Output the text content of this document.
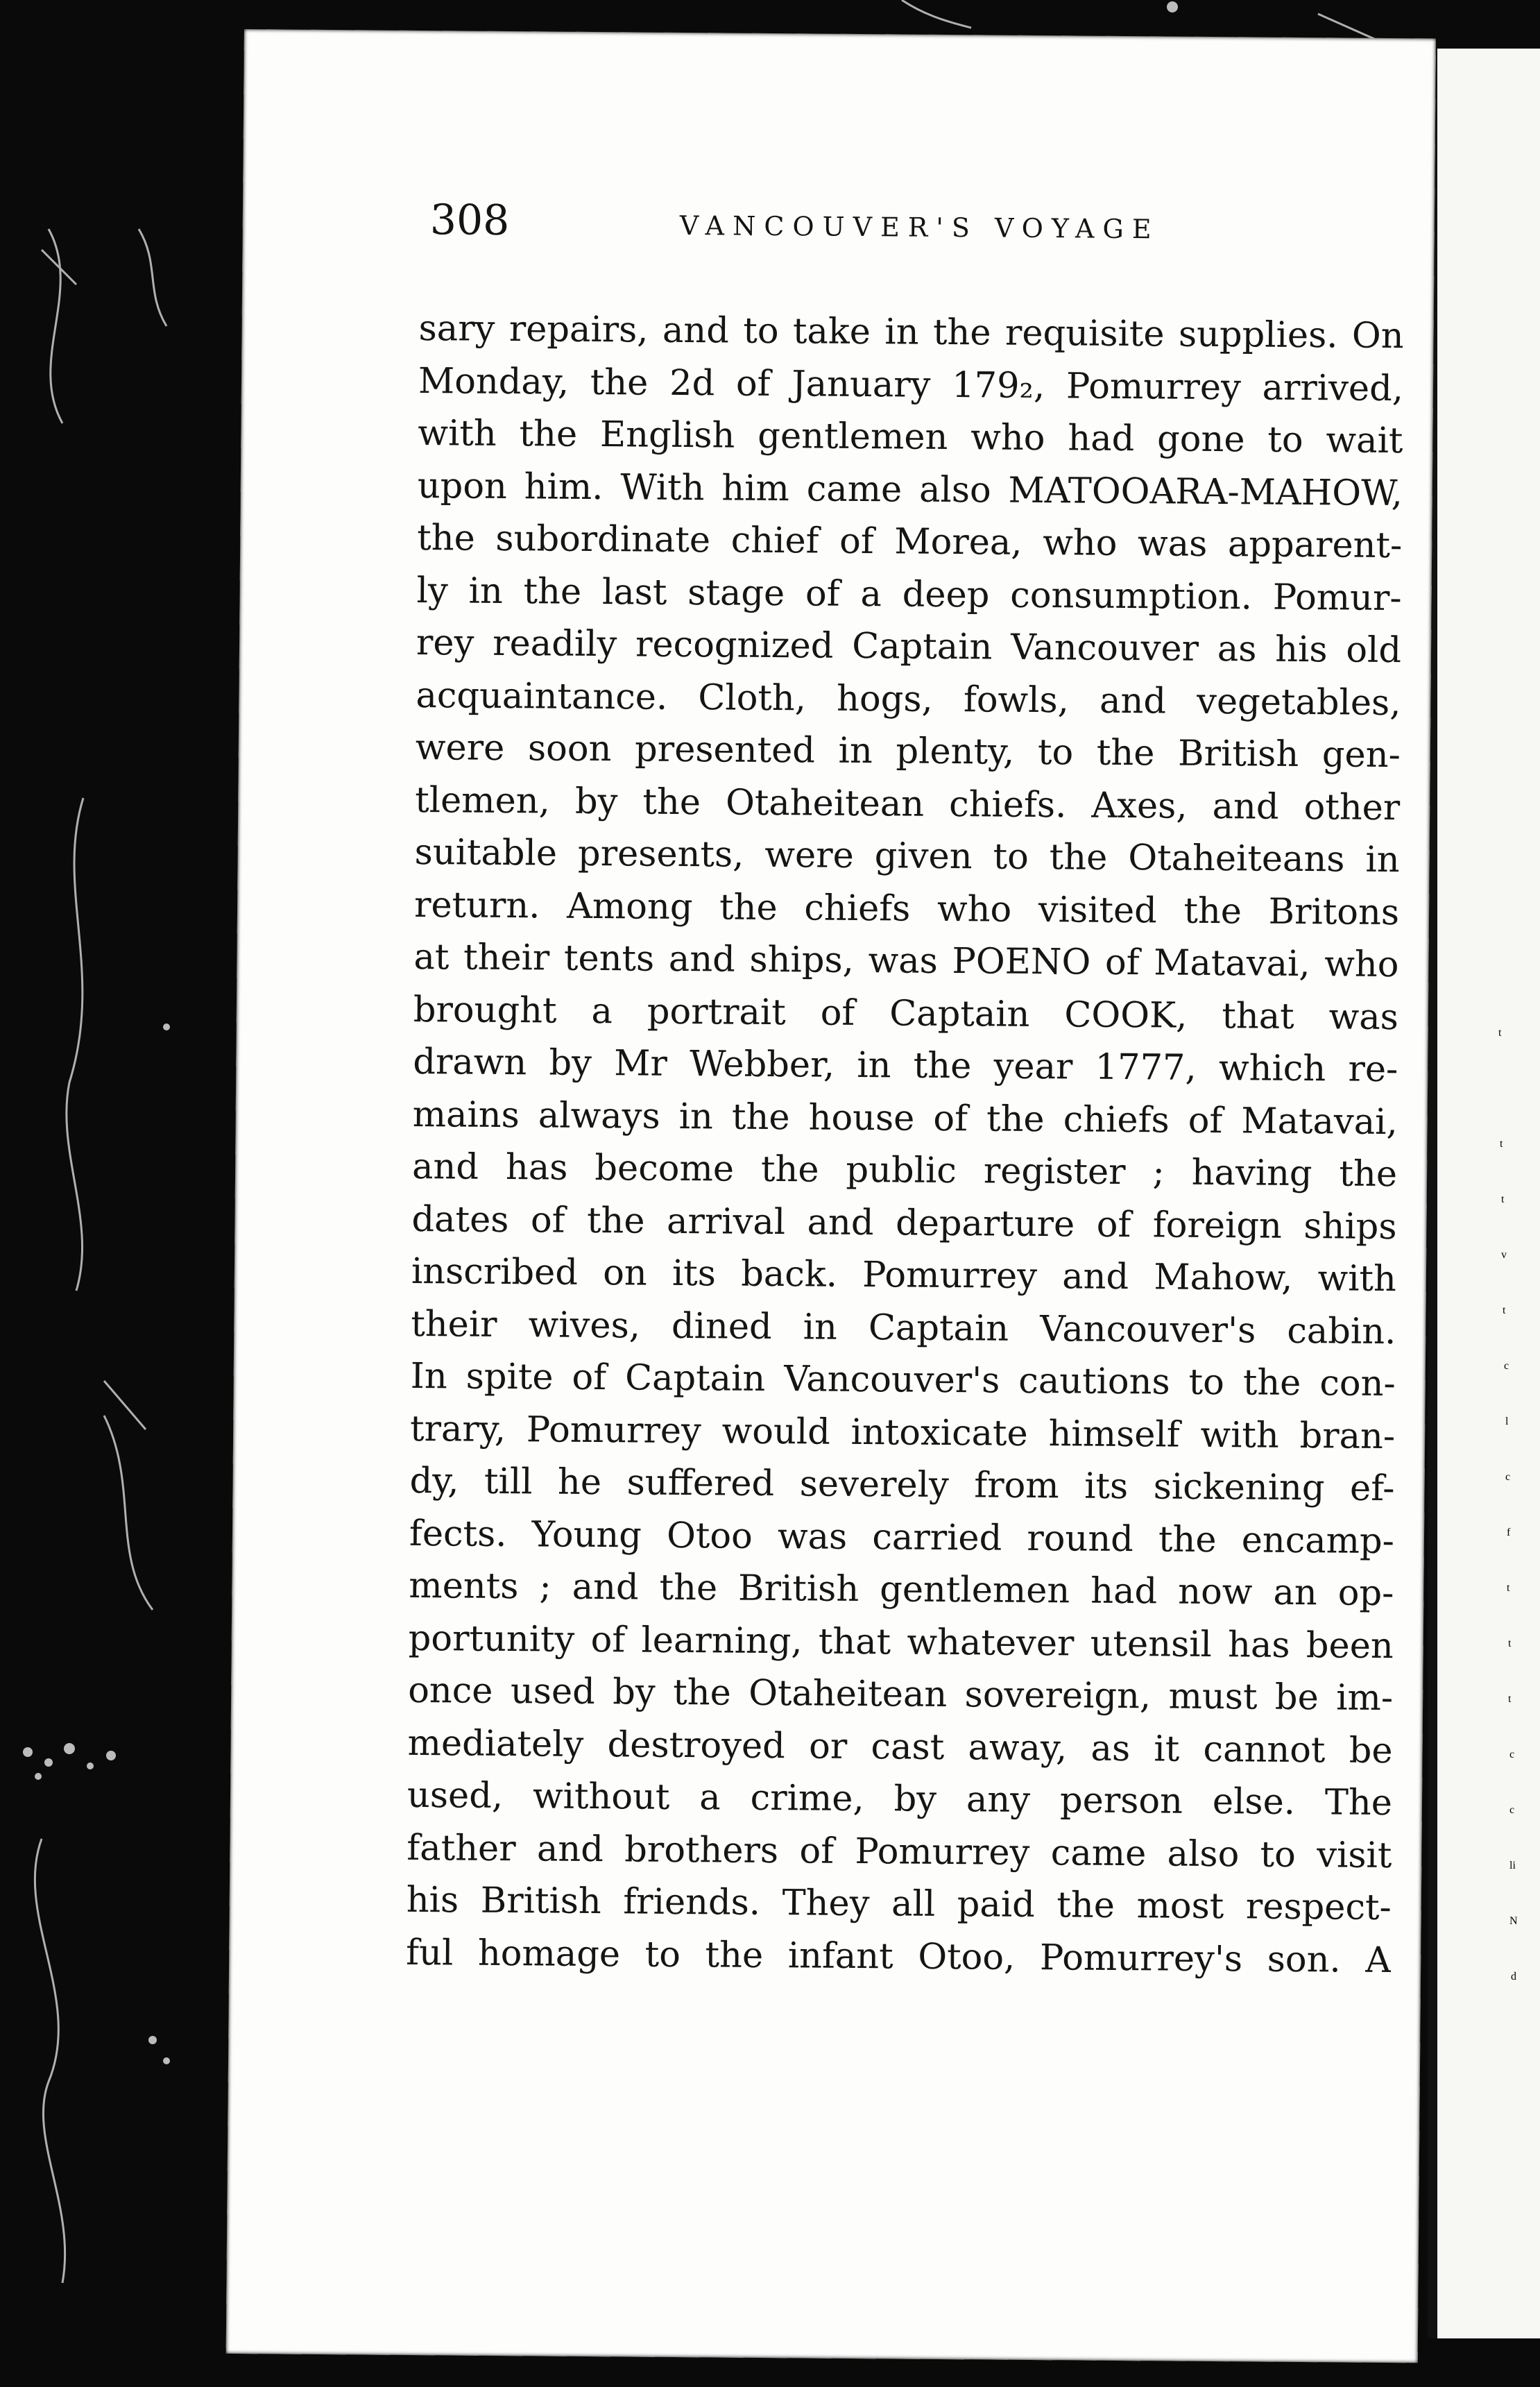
308	VANCOUVER'S VOYAGE
sary repairs, and to take in the requisite supplies. On
Monday, the 2d of January 179₂, Pomurrey arrived,
with the English gentlemen who had gone to wait
upon him. With him came also MATOOARA-MAHOW,
the subordinate chief of Morea, who was apparent-
ly in the last stage of a deep consumption. Pomur-
rey readily recognized Captain Vancouver as his old
acquaintance. Cloth, hogs, fowls, and vegetables,
were soon presented in plenty, to the British gen-
tlemen, by the Otaheitean chiefs. Axes, and other
suitable presents, were given to the Otaheiteans in
return. Among the chiefs who visited the Britons
at their tents and ships, was POENO of Matavai, who
brought a portrait of Captain COOK, that was
drawn by Mr Webber, in the year 1777, which re-
mains always in the house of the chiefs of Matavai,
and has become the public register ; having the
dates of the arrival and departure of foreign ships
inscribed on its back. Pomurrey and Mahow, with
their wives, dined in Captain Vancouver's cabin.
In spite of Captain Vancouver's cautions to the con-
trary, Pomurrey would intoxicate himself with bran-
dy, till he suffered severely from its sickening ef-
fects. Young Otoo was carried round the encamp-
ments ; and the British gentlemen had now an op-
portunity of learning, that whatever utensil has been
once used by the Otaheitean sovereign, must be im-
mediately destroyed or cast away, as it cannot be
used, without a crime, by any person else. The
father and brothers of Pomurrey came also to visit
his British friends. They all paid the most respect-
ful homage to the infant Otoo, Pomurrey's son. A
t
t
t
v
t
c
l
c
f
t
t
t
c
c
li
N
d
